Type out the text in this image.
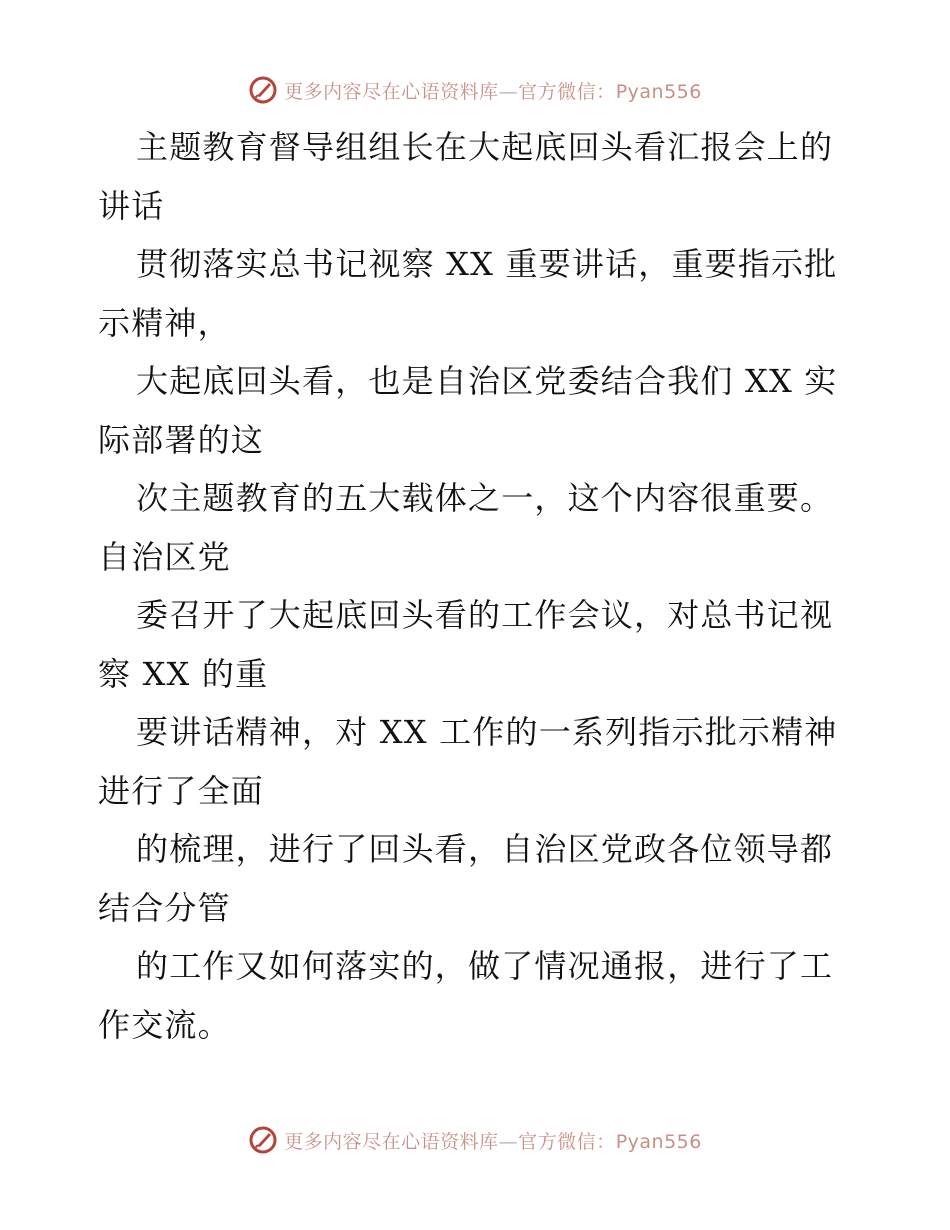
更多内容尽在心语资料库—官方微信：Pyan556

主题教育督导组组长在大起底回头看汇报会上的
讲话

贯彻落实总书记视察 XX 重要讲话，重要指示批
示精神，

大起底回头看，也是自治区党委结合我们 XX 实
际部署的这

次主题教育的五大载体之一，这个内容很重要。
自治区党

委召开了大起底回头看的工作会议，对总书记视
察 XX 的重

要讲话精神，对 XX 工作的一系列指示批示精神
进行了全面

的梳理，进行了回头看，自治区党政各位领导都
结合分管

的工作又如何落实的，做了情况通报，进行了工
作交流。

更多内容尽在心语资料库—官方微信：Pyan556
